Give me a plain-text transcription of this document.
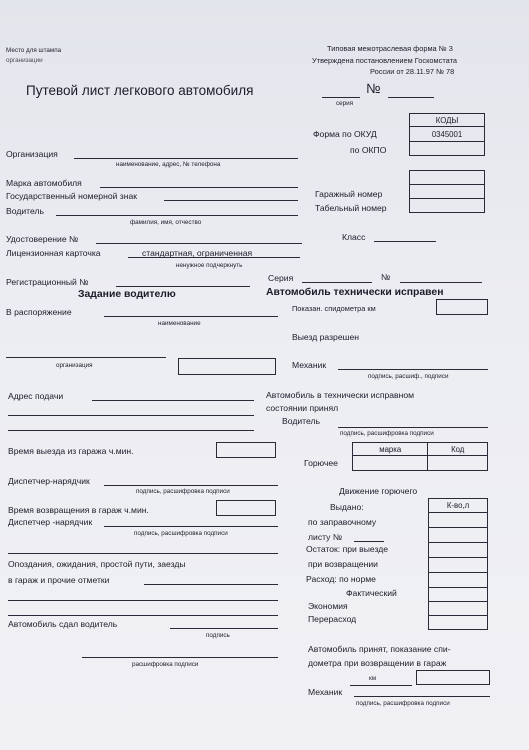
Место для штампа
организации
Типовая межотраслевая форма № 3
Утверждена постановлением Госкомстата
России от 28.11.97 № 78
Путевой лист легкового автомобиля	№
серия
КОДЫ
0345001

Форма по ОКУД
по ОКПО
Организация
наименование, адрес, № телефона
Марка автомобиля
Государственный номерной знак
Водитель
фамилия, имя, отчество
Гаражный номер
Табельный номер

Удостоверение №	Класс
Лицензионная карточка	стандартная, ограниченная
ненужное подчеркнуть
Регистрационный №	Серия	№
Задание водителю
В распоряжение
наименование
организация
Адрес подачи
Время выезда из гаража ч.мин.
Диспетчер-нарядчик
подпись, расшифровка подписи
Время возвращения в гараж ч.мин.
Диспетчер -нарядчик
подпись, расшифровка подписи
Опоздания, ожидания, простой пути, заезды
в гараж и прочие отметки
Автомобиль сдал водитель
подпись
расшифровка подписи
Автомобиль технически исправен
Показан. спидометра км
Выезд разрешен
Механик
подпись, расшиф., подписи
Автомобиль в технически исправном
состоянии принял
Водитель
подпись, расшифровка подписи
Горючее
марка	Код

Движение горючего
Выдано:
по заправочному
листу №
Остаток: при выезде
при возвращении
Расход: по норме
Фактический
Экономия
Перерасход
К-во,л

Автомобиль принят, показание спи-
дометра при возвращении в гараж
км
Механик
подпись, расшифровка подписи
